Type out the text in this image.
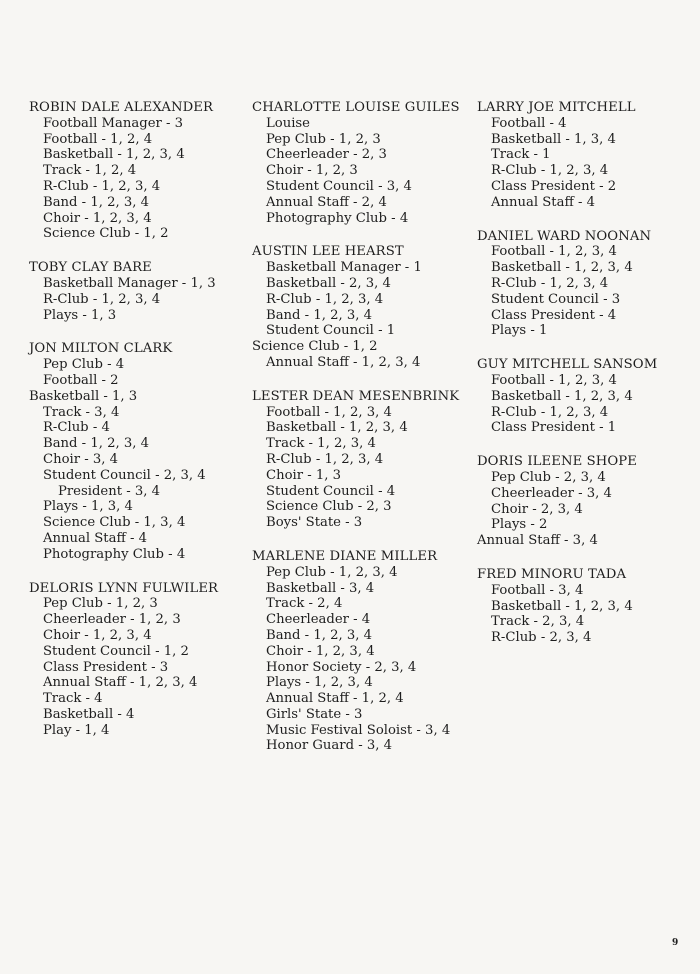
ROBIN DALE ALEXANDER
Football Manager - 3
Football - 1, 2, 4
Basketball - 1, 2, 3, 4
Track - 1, 2, 4
R-Club - 1, 2, 3, 4
Band - 1, 2, 3, 4
Choir - 1, 2, 3, 4
Science Club - 1, 2
TOBY CLAY BARE
Basketball Manager - 1, 3
R-Club - 1, 2, 3, 4
Plays - 1, 3
JON MILTON CLARK
Pep Club - 4
Football - 2
Basketball - 1, 3
Track - 3, 4
R-Club - 4
Band - 1, 2, 3, 4
Choir - 3, 4
Student Council - 2, 3, 4
President - 3, 4
Plays - 1, 3, 4
Science Club - 1, 3, 4
Annual Staff - 4
Photography Club - 4
DELORIS LYNN FULWILER
Pep Club - 1, 2, 3
Cheerleader - 1, 2, 3
Choir - 1, 2, 3, 4
Student Council - 1, 2
Class President - 3
Annual Staff - 1, 2, 3, 4
Track - 4
Basketball - 4
Play - 1, 4
CHARLOTTE LOUISE GUILES
Louise
Pep Club - 1, 2, 3
Cheerleader - 2, 3
Choir - 1, 2, 3
Student Council - 3, 4
Annual Staff - 2, 4
Photography Club - 4
AUSTIN LEE HEARST
Basketball Manager - 1
Basketball - 2, 3, 4
R-Club - 1, 2, 3, 4
Band - 1, 2, 3, 4
Student Council - 1
Science Club - 1, 2
Annual Staff - 1, 2, 3, 4
LESTER DEAN MESENBRINK
Football - 1, 2, 3, 4
Basketball - 1, 2, 3, 4
Track - 1, 2, 3, 4
R-Club - 1, 2, 3, 4
Choir - 1, 3
Student Council - 4
Science Club - 2, 3
Boys' State - 3
MARLENE DIANE MILLER
Pep Club - 1, 2, 3, 4
Basketball - 3, 4
Track - 2, 4
Cheerleader - 4
Band - 1, 2, 3, 4
Choir - 1, 2, 3, 4
Honor Society - 2, 3, 4
Plays - 1, 2, 3, 4
Annual Staff - 1, 2, 4
Girls' State - 3
Music Festival Soloist - 3, 4
Honor Guard - 3, 4
LARRY JOE MITCHELL
Football - 4
Basketball - 1, 3, 4
Track - 1
R-Club - 1, 2, 3, 4
Class President - 2
Annual Staff - 4
DANIEL WARD NOONAN
Football - 1, 2, 3, 4
Basketball - 1, 2, 3, 4
R-Club - 1, 2, 3, 4
Student Council - 3
Class President - 4
Plays - 1
GUY MITCHELL SANSOM
Football - 1, 2, 3, 4
Basketball - 1, 2, 3, 4
R-Club - 1, 2, 3, 4
Class President - 1
DORIS ILEENE SHOPE
Pep Club - 2, 3, 4
Cheerleader - 3, 4
Choir - 2, 3, 4
Plays - 2
Annual Staff - 3, 4
FRED MINORU TADA
Football - 3, 4
Basketball - 1, 2, 3, 4
Track - 2, 3, 4
R-Club - 2, 3, 4
9
